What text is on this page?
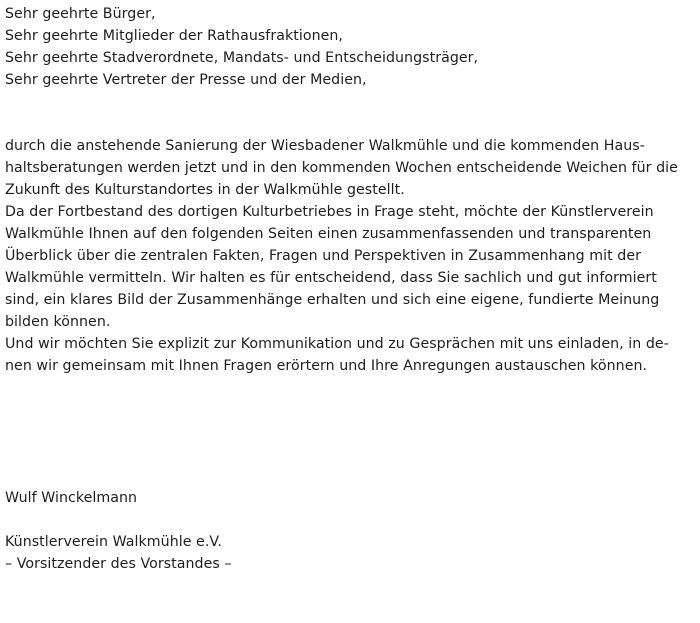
Sehr geehrte Bürger,
Sehr geehrte Mitglieder der Rathausfraktionen,
Sehr geehrte Stadverordnete, Mandats- und Entscheidungsträger,
Sehr geehrte Vertreter der Presse und der Medien,
durch die anstehende Sanierung der Wiesbadener Walkmühle und die kommenden Haus-
haltsberatungen werden jetzt und in den kommenden Wochen entscheidende Weichen für die
Zukunft des Kulturstandortes in der Walkmühle gestellt.
Da der Fortbestand des dortigen Kulturbetriebes in Frage steht, möchte der Künstlerverein
Walkmühle Ihnen auf den folgenden Seiten einen zusammenfassenden und transparenten
Überblick über die zentralen Fakten, Fragen und Perspektiven in Zusammenhang mit der
Walkmühle vermitteln. Wir halten es für entscheidend, dass Sie sachlich und gut informiert
sind, ein klares Bild der Zusammenhänge erhalten und sich eine eigene, fundierte Meinung
bilden können.
Und wir möchten Sie explizit zur Kommunikation und zu Gesprächen mit uns einladen, in de-
nen wir gemeinsam mit Ihnen Fragen erörtern und Ihre Anregungen austauschen können.
Wulf Winckelmann
Künstlerverein Walkmühle e.V.
– Vorsitzender des Vorstandes –
